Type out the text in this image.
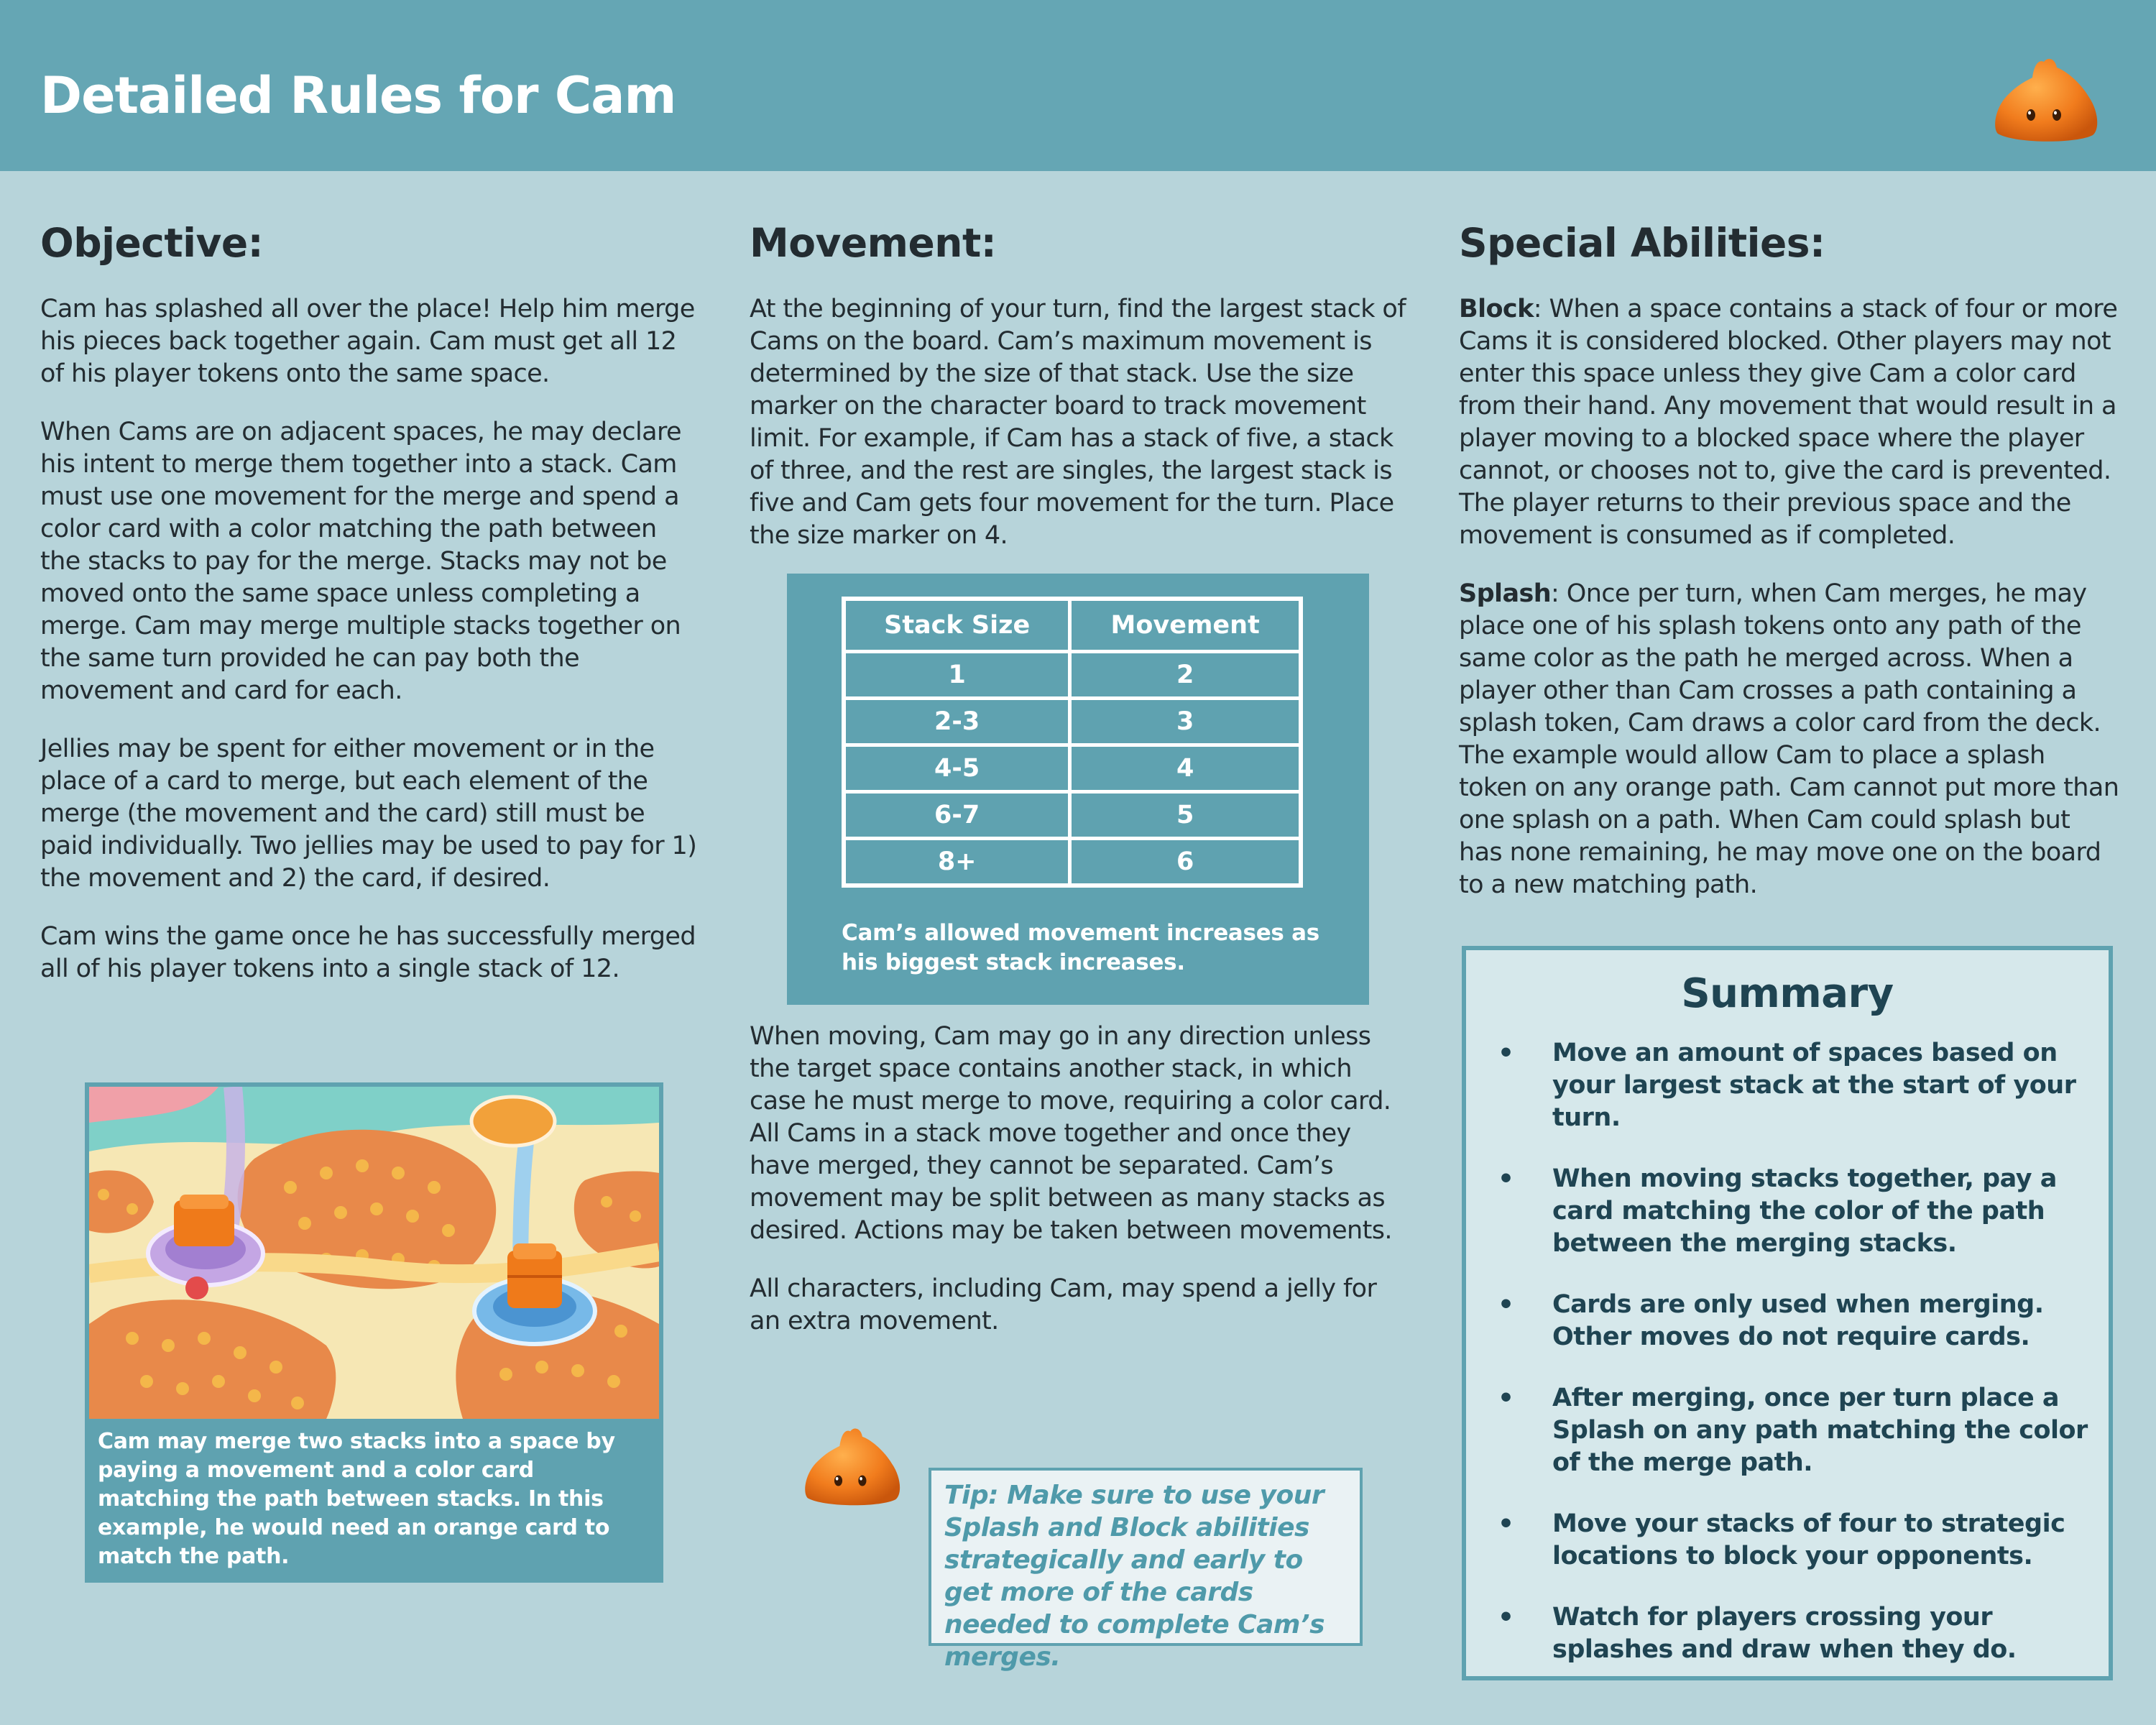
Detailed Rules for Cam
Objective:

Cam has splashed all over the place! Help him merge his pieces back together again. Cam must get all 12 of his player tokens onto the same space.

When Cams are on adjacent spaces, he may declare his intent to merge them together into a stack. Cam must use one movement for the merge and spend a color card with a color matching the path between the stacks to pay for the merge. Stacks may not be moved onto the same space unless completing a merge. Cam may merge multiple stacks together on the same turn provided he can pay both the movement and card for each.

Jellies may be spent for either movement or in the place of a card to merge, but each element of the merge (the movement and the card) still must be paid individually. Two jellies may be used to pay for 1) the movement and 2) the card, if desired.

Cam wins the game once he has successfully merged all of his player tokens into a single stack of 12.

Cam may merge two stacks into a space by paying a movement and a color card matching the path between stacks. In this example, he would need an orange card to match the path.
Movement:

At the beginning of your turn, find the largest stack of Cams on the board. Cam’s maximum movement is determined by the size of that stack. Use the size marker on the character board to track movement limit. For example, if Cam has a stack of five, a stack of three, and the rest are singles, the largest stack is five and Cam gets four movement for the turn. Place the size marker on 4.

Stack Size	Movement
1	2
2-3	3
4-5	4
6-7	5
8+	6
Cam’s allowed movement increases as his biggest stack increases.

When moving, Cam may go in any direction unless the target space contains another stack, in which case he must merge to move, requiring a color card. All Cams in a stack move together and once they have merged, they cannot be separated. Cam’s movement may be split between as many stacks as desired. Actions may be taken between movements.

All characters, including Cam, may spend a jelly for an extra movement.

Tip: Make sure to use your Splash and Block abilities strategically and early to get more of the cards needed to complete Cam’s merges.
Special Abilities:

Block: When a space contains a stack of four or more Cams it is considered blocked. Other players may not enter this space unless they give Cam a color card from their hand. Any movement that would result in a player moving to a blocked space where the player cannot, or chooses not to, give the card is prevented. The player returns to their previous space and the movement is consumed as if completed.

Splash: Once per turn, when Cam merges, he may place one of his splash tokens onto any path of the same color as the path he merged across. When a player other than Cam crosses a path containing a splash token, Cam draws a color card from the deck. The example would allow Cam to place a splash token on any orange path. Cam cannot put more than one splash on a path. When Cam could splash but has none remaining, he may move one on the board to a new matching path.

Summary
• Move an amount of spaces based on your largest stack at the start of your turn.
• When moving stacks together, pay a card matching the color of the path between the merging stacks.
• Cards are only used when merging. Other moves do not require cards.
• After merging, once per turn place a Splash on any path matching the color of the merge path.
• Move your stacks of four to strategic locations to block your opponents.
• Watch for players crossing your splashes and draw when they do.
